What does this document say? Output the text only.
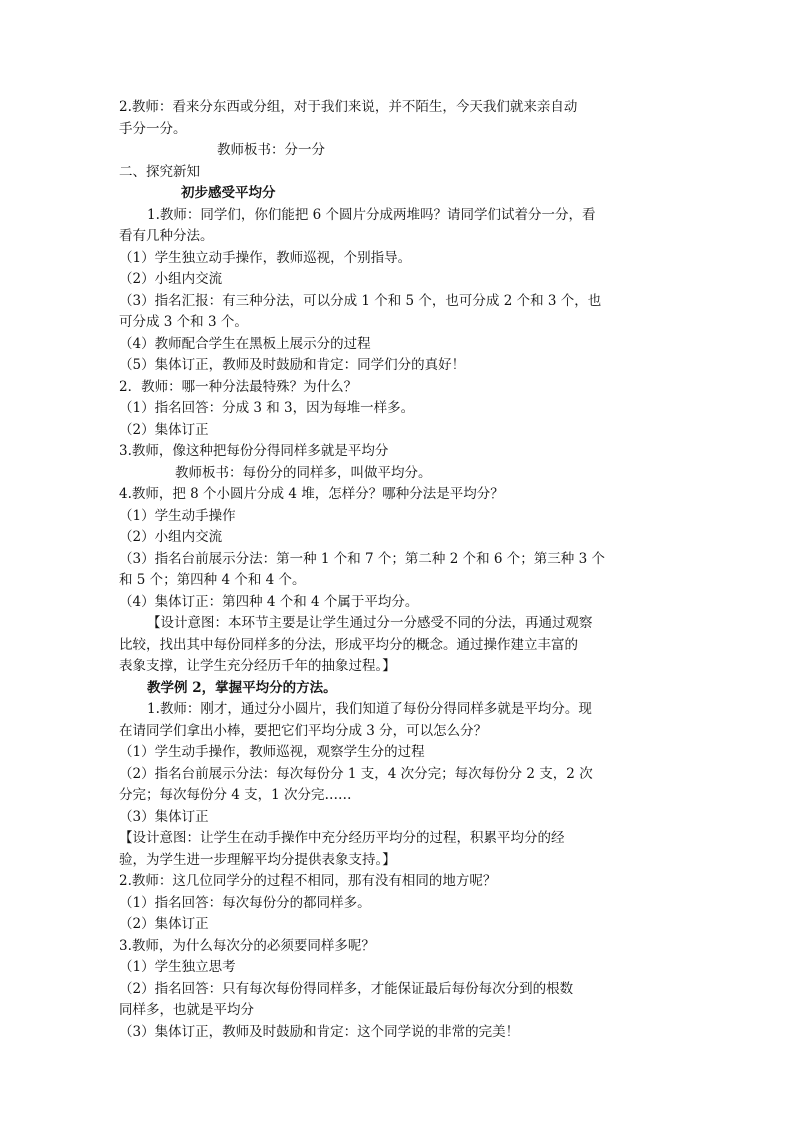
2.教师：看来分东西或分组，对于我们来说，并不陌生，今天我们就来亲自动
手分一分。
教师板书：分一分
二、探究新知
初步感受平均分
1.教师：同学们，你们能把 6 个圆片分成两堆吗？请同学们试着分一分，看
看有几种分法。
（1）学生独立动手操作，教师巡视，个别指导。
（2）小组内交流
（3）指名汇报：有三种分法，可以分成 1 个和 5 个，也可分成 2 个和 3 个，也
可分成 3 个和 3 个。
（4）教师配合学生在黑板上展示分的过程
（5）集体订正，教师及时鼓励和肯定：同学们分的真好！
2．教师：哪一种分法最特殊？为什么？
（1）指名回答：分成 3 和 3，因为每堆一样多。
（2）集体订正
3.教师，像这种把每份分得同样多就是平均分
教师板书：每份分的同样多，叫做平均分。
4.教师，把 8 个小圆片分成 4 堆，怎样分？哪种分法是平均分？
（1）学生动手操作
（2）小组内交流
（3）指名台前展示分法：第一种 1 个和 7 个；第二种 2 个和 6 个；第三种 3 个
和 5 个；第四种 4 个和 4 个。
（4）集体订正：第四种 4 个和 4 个属于平均分。
【设计意图：本环节主要是让学生通过分一分感受不同的分法，再通过观察
比较，找出其中每份同样多的分法，形成平均分的概念。通过操作建立丰富的
表象支撑，让学生充分经历千年的抽象过程。】
教学例 2，掌握平均分的方法。
1.教师：刚才，通过分小圆片，我们知道了每份分得同样多就是平均分。现
在请同学们拿出小棒，要把它们平均分成 3 分，可以怎么分？
（1）学生动手操作，教师巡视，观察学生分的过程
（2）指名台前展示分法：每次每份分 1 支，4 次分完；每次每份分 2 支，2 次
分完；每次每份分 4 支，1 次分完……
（3）集体订正
【设计意图：让学生在动手操作中充分经历平均分的过程，积累平均分的经
验，为学生进一步理解平均分提供表象支持。】
2.教师：这几位同学分的过程不相同，那有没有相同的地方呢？
（1）指名回答：每次每份分的都同样多。
（2）集体订正
3.教师，为什么每次分的必须要同样多呢？
（1）学生独立思考
（2）指名回答：只有每次每份得同样多，才能保证最后每份每次分到的根数
同样多，也就是平均分
（3）集体订正，教师及时鼓励和肯定：这个同学说的非常的完美！
